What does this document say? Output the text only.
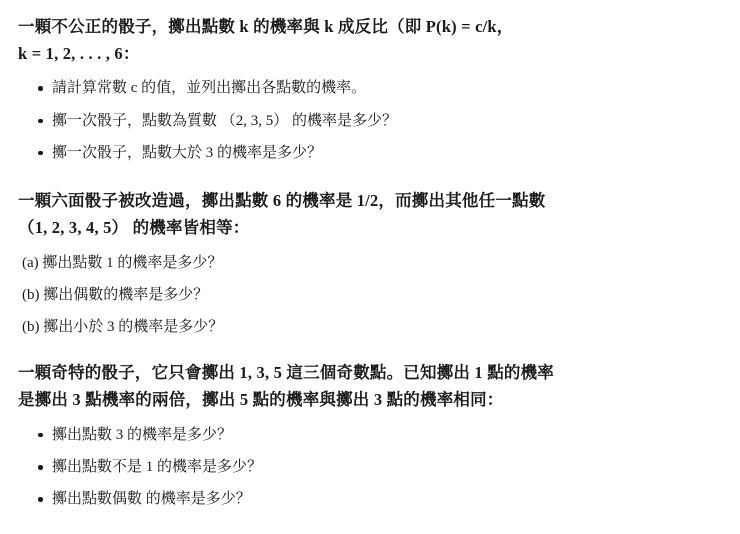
一顆不公正的骰子，擲出點數 k 的機率與 k 成反比（即 P(k) = c/k，
k = 1, 2, . . . , 6：

請計算常數 c 的值，並列出擲出各點數的機率。
擲一次骰子，點數為質數 （2, 3, 5） 的機率是多少？
擲一次骰子，點數大於 3 的機率是多少？

一顆六面骰子被改造過，擲出點數 6 的機率是 1/2，而擲出其他任一點數
（1, 2, 3, 4, 5） 的機率皆相等：

(a) 擲出點數 1 的機率是多少？
(b) 擲出偶數的機率是多少？
(b) 擲出小於 3 的機率是多少？

一顆奇特的骰子，它只會擲出 1, 3, 5 這三個奇數點。已知擲出 1 點的機率
是擲出 3 點機率的兩倍，擲出 5 點的機率與擲出 3 點的機率相同：

擲出點數 3 的機率是多少？
擲出點數不是 1 的機率是多少？
擲出點數偶數 的機率是多少？
